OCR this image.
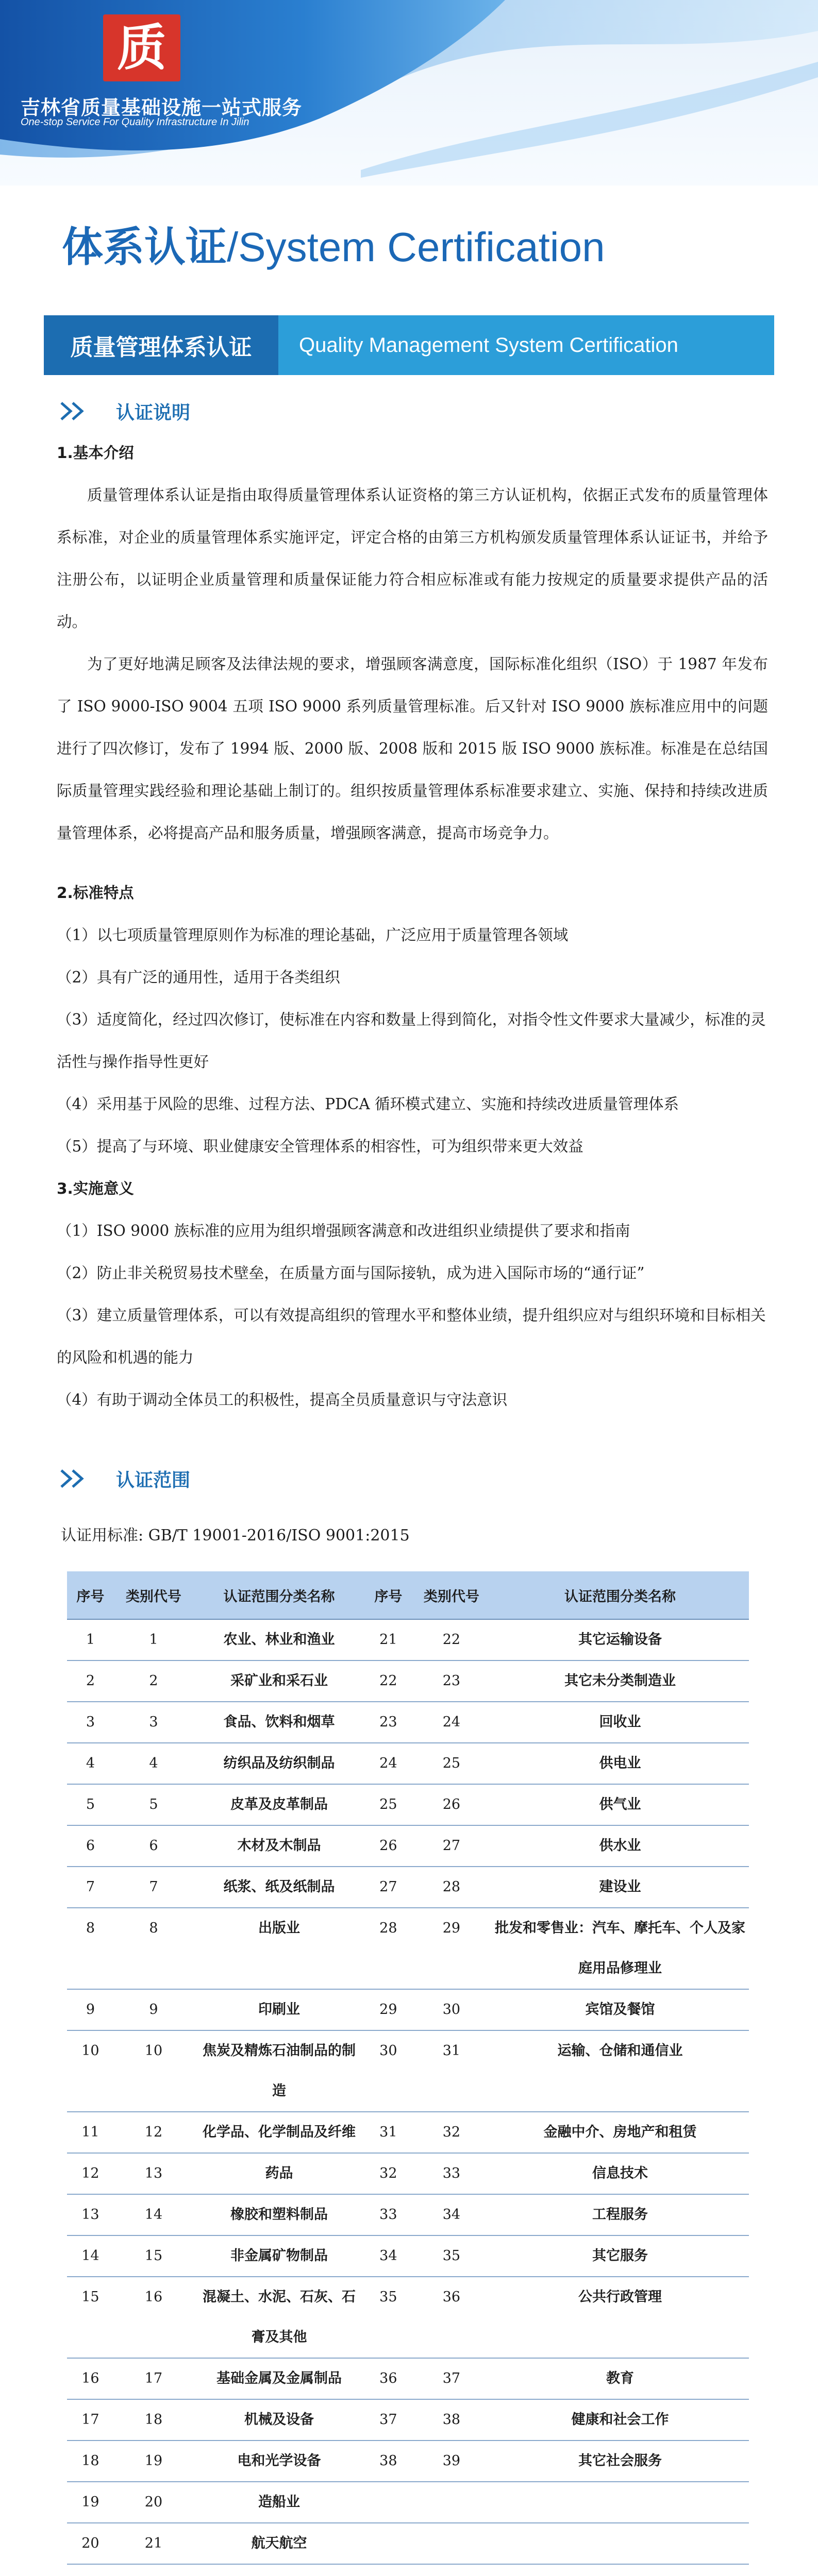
质
吉林省质量基础设施一站式服务
One-stop Service For Quality Infrastructure In Jilin
体系认证/System Certification
质量管理体系认证	Quality Management System Certification
认证说明

1.基本介绍

质量管理体系认证是指由取得质量管理体系认证资格的第三方认证机构，依据正式发布的质量管理体系标准，对企业的质量管理体系实施评定，评定合格的由第三方机构颁发质量管理体系认证证书，并给予注册公布，以证明企业质量管理和质量保证能力符合相应标准或有能力按规定的质量要求提供产品的活动。

为了更好地满足顾客及法律法规的要求，增强顾客满意度，国际标准化组织（ISO）于 1987 年发布了 ISO 9000-ISO 9004 五项 ISO 9000 系列质量管理标准。后又针对 ISO 9000 族标准应用中的问题进行了四次修订，发布了 1994 版、2000 版、2008 版和 2015 版 ISO 9000 族标准。标准是在总结国际质量管理实践经验和理论基础上制订的。组织按质量管理体系标准要求建立、实施、保持和持续改进质量管理体系，必将提高产品和服务质量，增强顾客满意，提高市场竞争力。

2.标准特点

（1）以七项质量管理原则作为标准的理论基础，广泛应用于质量管理各领域

（2）具有广泛的通用性，适用于各类组织

（3）适度简化，经过四次修订，使标准在内容和数量上得到简化，对指令性文件要求大量减少，标准的灵活性与操作指导性更好

（4）采用基于风险的思维、过程方法、PDCA 循环模式建立、实施和持续改进质量管理体系

（5）提高了与环境、职业健康安全管理体系的相容性，可为组织带来更大效益

3.实施意义

（1）ISO 9000 族标准的应用为组织增强顾客满意和改进组织业绩提供了要求和指南

（2）防止非关税贸易技术壁垒，在质量方面与国际接轨，成为进入国际市场的“通行证”

（3）建立质量管理体系，可以有效提高组织的管理水平和整体业绩，提升组织应对与组织环境和目标相关的风险和机遇的能力

（4）有助于调动全体员工的积极性，提高全员质量意识与守法意识

认证范围
认证用标准: GB/T 19001-2016/ISO 9001:2015
序号	类别代号	认证范围分类名称	序号	类别代号	认证范围分类名称
1	1	农业、林业和渔业	21	22	其它运输设备
2	2	采矿业和采石业	22	23	其它未分类制造业
3	3	食品、饮料和烟草	23	24	回收业
4	4	纺织品及纺织制品	24	25	供电业
5	5	皮革及皮革制品	25	26	供气业
6	6	木材及木制品	26	27	供水业
7	7	纸浆、纸及纸制品	27	28	建设业
8	8	出版业	28	29	批发和零售业：汽车、摩托车、个人及家庭用品修理业
9	9	印刷业	29	30	宾馆及餐馆
10	10	焦炭及精炼石油制品的制造	30	31	运输、仓储和通信业
11	12	化学品、化学制品及纤维	31	32	金融中介、房地产和租赁
12	13	药品	32	33	信息技术
13	14	橡胶和塑料制品	33	34	工程服务
14	15	非金属矿物制品	34	35	其它服务
15	16	混凝土、水泥、石灰、石膏及其他	35	36	公共行政管理
16	17	基础金属及金属制品	36	37	教育
17	18	机械及设备	37	38	健康和社会工作
18	19	电和光学设备	38	39	其它社会服务
19	20	造船业			
20	21	航天航空			
